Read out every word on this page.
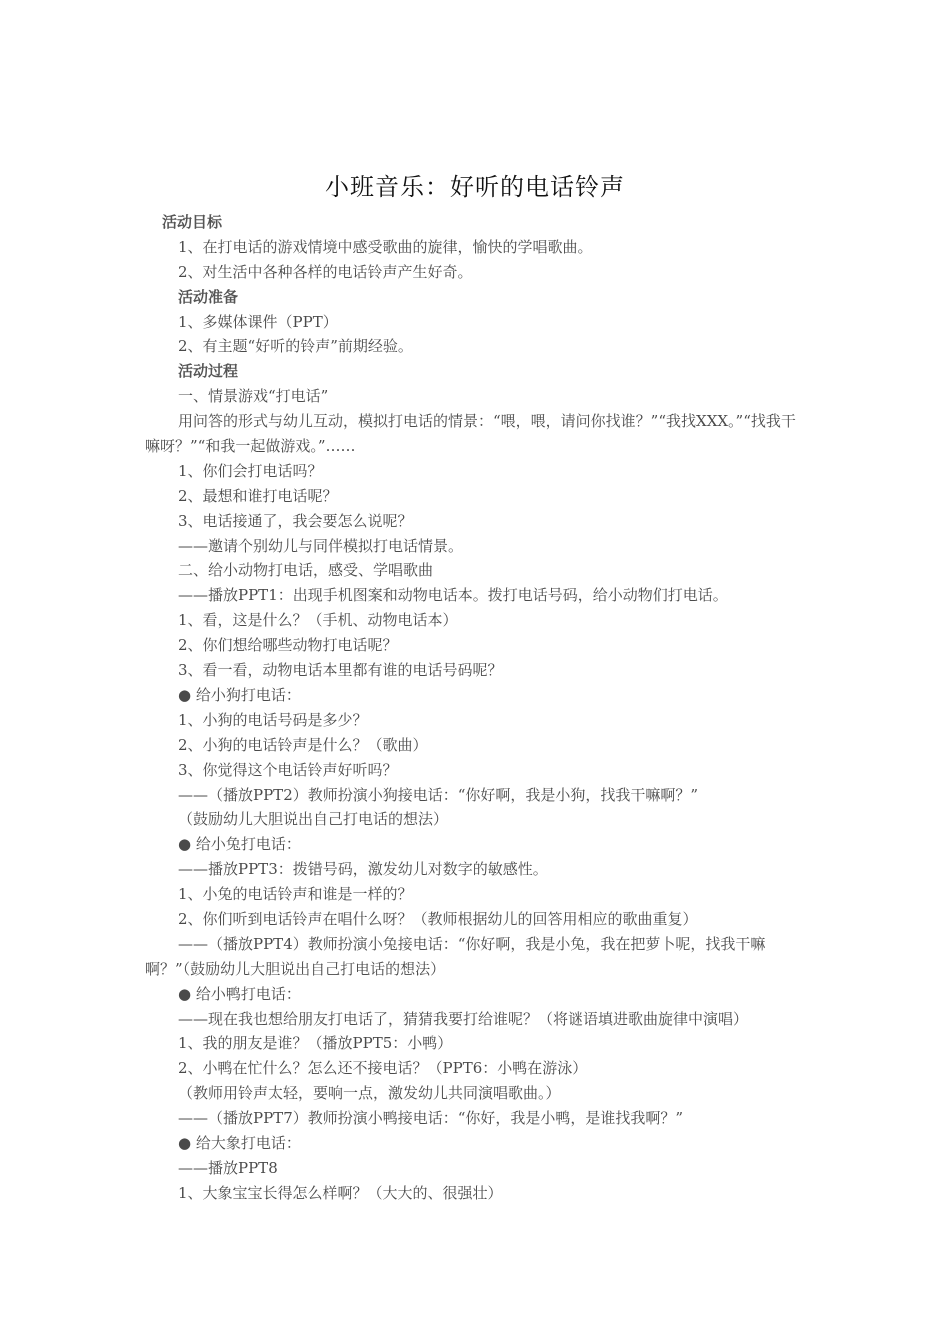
小班音乐：好听的电话铃声
活动目标
1、在打电话的游戏情境中感受歌曲的旋律，愉快的学唱歌曲。
2、对生活中各种各样的电话铃声产生好奇。
活动准备
1、多媒体课件（PPT）
2、有主题“好听的铃声”前期经验。
活动过程
一、情景游戏“打电话”
用问答的形式与幼儿互动，模拟打电话的情景：“喂，喂，请问你找谁？”“我找XXX。”“找我干嘛呀？”“和我一起做游戏。”……
1、你们会打电话吗？
2、最想和谁打电话呢？
3、电话接通了，我会要怎么说呢？
——邀请个别幼儿与同伴模拟打电话情景。
二、给小动物打电话，感受、学唱歌曲
——播放PPT1：出现手机图案和动物电话本。拨打电话号码，给小动物们打电话。
1、看，这是什么？（手机、动物电话本）
2、你们想给哪些动物打电话呢？
3、看一看，动物电话本里都有谁的电话号码呢？
● 给小狗打电话：
1、小狗的电话号码是多少？
2、小狗的电话铃声是什么？（歌曲）
3、你觉得这个电话铃声好听吗？
——（播放PPT2）教师扮演小狗接电话：“你好啊，我是小狗，找我干嘛啊？”
（鼓励幼儿大胆说出自己打电话的想法）
● 给小兔打电话：
——播放PPT3：拨错号码，激发幼儿对数字的敏感性。
1、小兔的电话铃声和谁是一样的？
2、你们听到电话铃声在唱什么呀？（教师根据幼儿的回答用相应的歌曲重复）
——（播放PPT4）教师扮演小兔接电话：“你好啊，我是小兔，我在把萝卜呢，找我干嘛啊？”（鼓励幼儿大胆说出自己打电话的想法）
● 给小鸭打电话：
——现在我也想给朋友打电话了，猜猜我要打给谁呢？（将谜语填进歌曲旋律中演唱）
1、我的朋友是谁？（播放PPT5：小鸭）
2、小鸭在忙什么？怎么还不接电话？（PPT6：小鸭在游泳）
（教师用铃声太轻，要响一点，激发幼儿共同演唱歌曲。）
——（播放PPT7）教师扮演小鸭接电话：“你好，我是小鸭，是谁找我啊？”
● 给大象打电话：
——播放PPT8
1、大象宝宝长得怎么样啊？（大大的、很强壮）
